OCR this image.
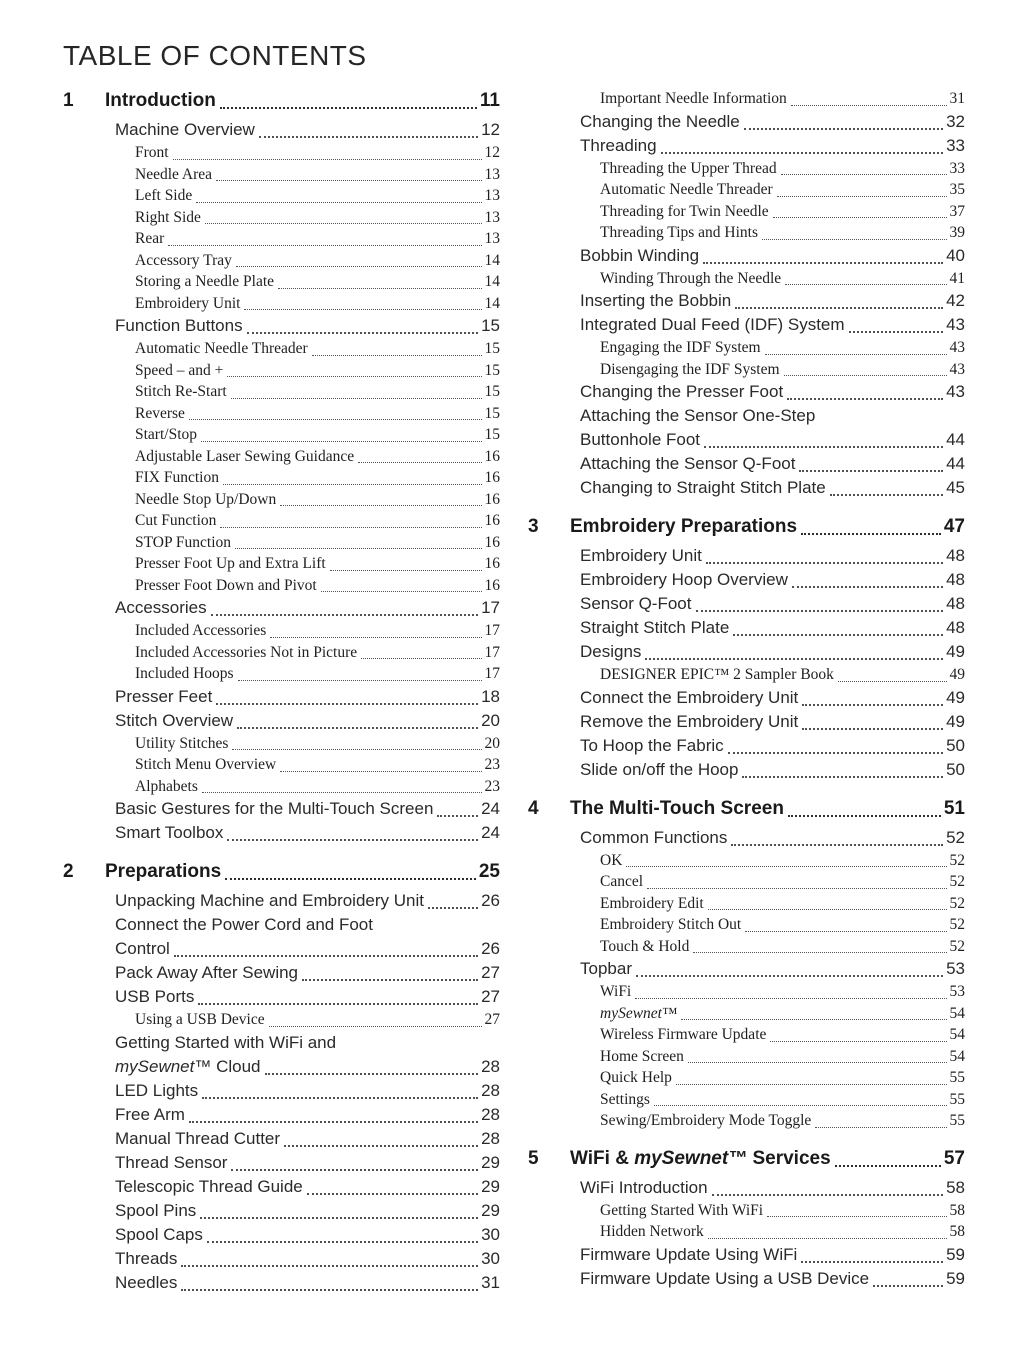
TABLE OF CONTENTS
1	Introduction	11
Machine Overview	12
Front	12
Needle Area	13
Left Side	13
Right Side	13
Rear	13
Accessory Tray	14
Storing a Needle Plate	14
Embroidery Unit	14
Function Buttons	15
Automatic Needle Threader	15
Speed – and +	15
Stitch Re-Start	15
Reverse	15
Start/Stop	15
Adjustable Laser Sewing Guidance	16
FIX Function	16
Needle Stop Up/Down	16
Cut Function	16
STOP Function	16
Presser Foot Up and Extra Lift	16
Presser Foot Down and Pivot	16
Accessories	17
Included Accessories	17
Included Accessories Not in Picture	17
Included Hoops	17
Presser Feet	18
Stitch Overview	20
Utility Stitches	20
Stitch Menu Overview	23
Alphabets	23
Basic Gestures for the Multi-Touch Screen	24
Smart Toolbox	24
2	Preparations	25
Unpacking Machine and Embroidery Unit	26
Connect the Power Cord and Foot
Control	26
Pack Away After Sewing	27
USB Ports	27
Using a USB Device	27
Getting Started with WiFi and
mySewnet™ Cloud	28
LED Lights	28
Free Arm	28
Manual Thread Cutter	28
Thread Sensor	29
Telescopic Thread Guide	29
Spool Pins	29
Spool Caps	30
Threads	30
Needles	31
Important Needle Information	31
Changing the Needle	32
Threading	33
Threading the Upper Thread	33
Automatic Needle Threader	35
Threading for Twin Needle	37
Threading Tips and Hints	39
Bobbin Winding	40
Winding Through the Needle	41
Inserting the Bobbin	42
Integrated Dual Feed (IDF) System	43
Engaging the IDF System	43
Disengaging the IDF System	43
Changing the Presser Foot	43
Attaching the Sensor One-Step
Buttonhole Foot	44
Attaching the Sensor Q-Foot	44
Changing to Straight Stitch Plate	45
3	Embroidery Preparations	47
Embroidery Unit	48
Embroidery Hoop Overview	48
Sensor Q-Foot	48
Straight Stitch Plate	48
Designs	49
DESIGNER EPIC™ 2 Sampler Book	49
Connect the Embroidery Unit	49
Remove the Embroidery Unit	49
To Hoop the Fabric	50
Slide on/off the Hoop	50
4	The Multi-Touch Screen	51
Common Functions	52
OK	52
Cancel	52
Embroidery Edit	52
Embroidery Stitch Out	52
Touch & Hold	52
Topbar	53
WiFi	53
mySewnet™	54
Wireless Firmware Update	54
Home Screen	54
Quick Help	55
Settings	55
Sewing/Embroidery Mode Toggle	55
5	WiFi & mySewnet™ Services	57
WiFi Introduction	58
Getting Started With WiFi	58
Hidden Network	58
Firmware Update Using WiFi	59
Firmware Update Using a USB Device	59
